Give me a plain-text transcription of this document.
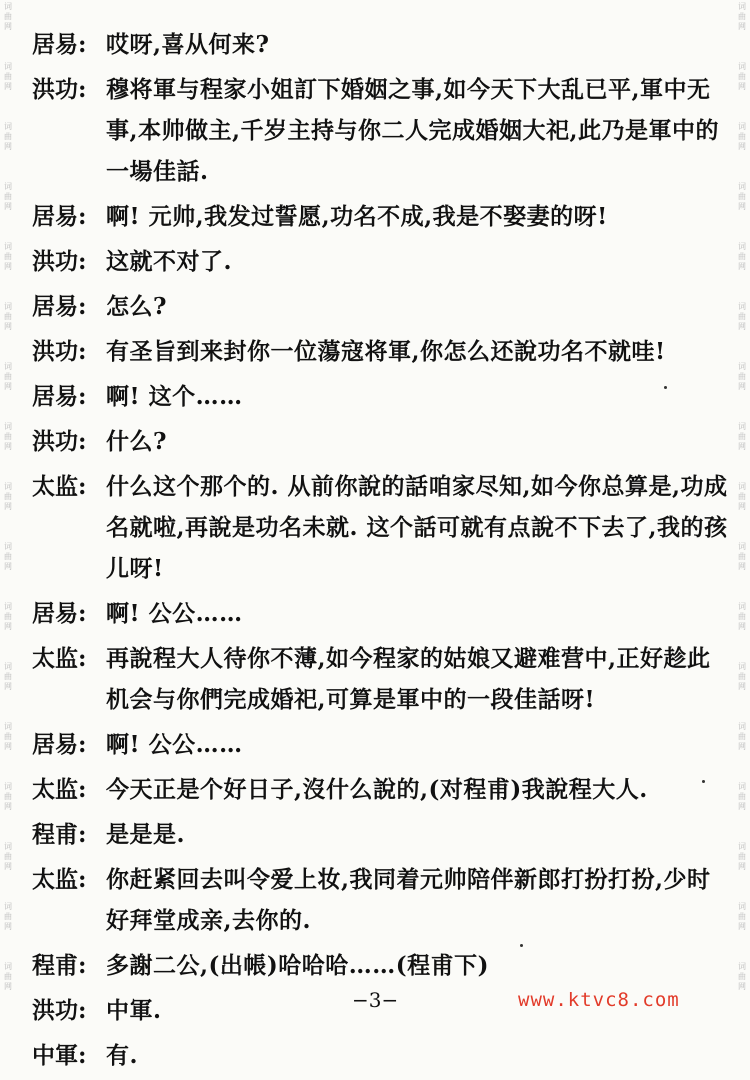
词曲网
词曲网
词曲网
词曲网
词曲网
词曲网
词曲网
词曲网
词曲网
词曲网
词曲网
词曲网
词曲网
词曲网
词曲网
词曲网
词曲网
词曲网
词曲网
词曲网
词曲网
词曲网
词曲网
词曲网
词曲网
词曲网
词曲网
词曲网
词曲网
词曲网
词曲网
词曲网
词曲网
词曲网
居易: 哎呀,喜从何来?
洪功: 穆将軍与程家小姐訂下婚姻之事,如今天下大乱已平,軍中无事,本帅做主,千岁主持与你二人完成婚姻大祀,此乃是軍中的一場佳話.
居易: 啊! 元帅,我发过誓愿,功名不成,我是不娶妻的呀!
洪功: 这就不对了.
居易: 怎么?
洪功: 有圣旨到来封你一位蕩寇将軍,你怎么还說功名不就哇!
居易: 啊! 这个……
洪功: 什么?
太监: 什么这个那个的. 从前你說的話咱家尽知,如今你总算是,功成名就啦,再說是功名未就. 这个話可就有点說不下去了,我的孩儿呀!
居易: 啊! 公公……
太监: 再說程大人待你不薄,如今程家的姑娘又避难营中,正好趁此机会与你們完成婚祀,可算是軍中的一段佳話呀!
居易: 啊! 公公……
太监: 今天正是个好日子,沒什么說的,(对程甫)我說程大人.
程甫: 是是是.
太监: 你赶紧回去叫令爱上妆,我同着元帅陪伴新郎打扮打扮,少时好拜堂成亲,去你的.
程甫: 多謝二公,(出帳)哈哈哈……(程甫下)
洪功: 中軍.
中軍: 有.
−3−	www.ktvc8.com
